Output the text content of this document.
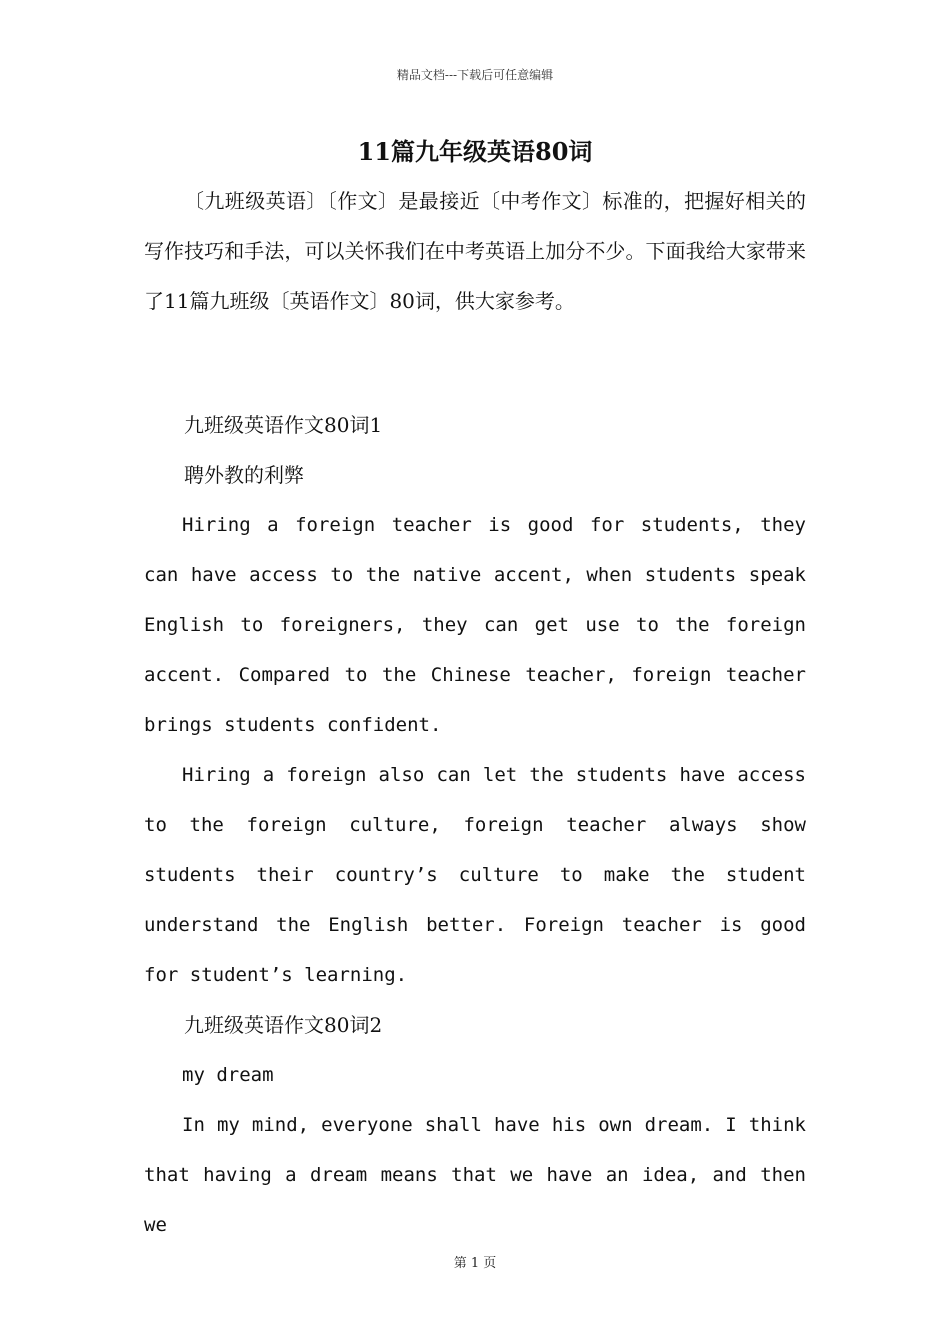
精品文档---下载后可任意编辑
11篇九年级英语80词

〔九班级英语〕〔作文〕是最接近〔中考作文〕标准的，把握好相关的写作技巧和手法，可以关怀我们在中考英语上加分不少。下面我给大家带来了11篇九班级〔英语作文〕80词，供大家参考。

九班级英语作文80词1

聘外教的利弊

Hiring a foreign teacher is good for students, they can have access to the native accent, when students speak English to foreigners, they can get use to the foreign accent. Compared to the Chinese teacher, foreign teacher brings students confident.

Hiring a foreign also can let the students have access to the foreign culture, foreign teacher always show students their country’s culture to make the student understand the English better. Foreign teacher is good for student’s learning.

九班级英语作文80词2

my dream

In my mind, everyone shall have his own dream. I think that having a dream means that we have an idea, and then we

第 1 页
